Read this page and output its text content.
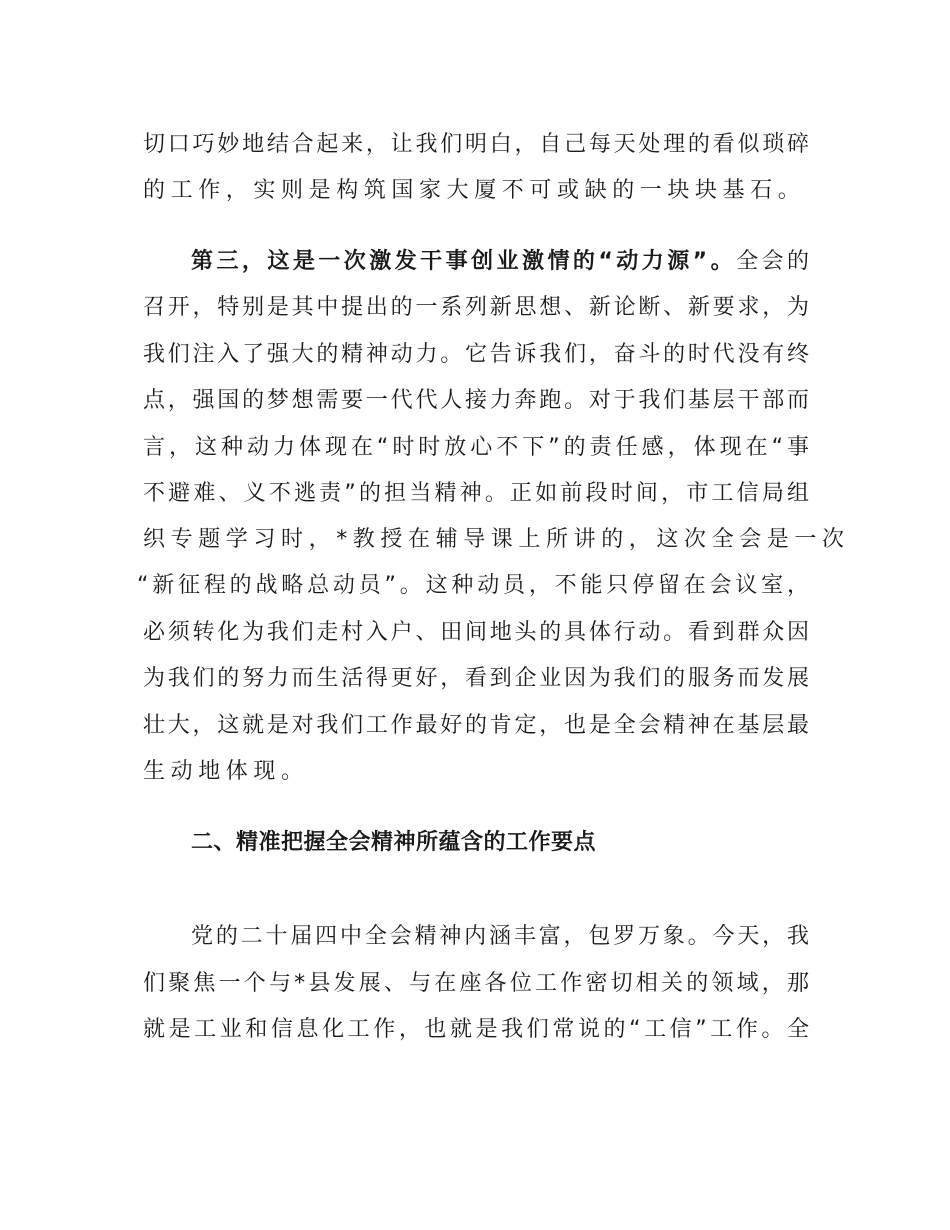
切口巧妙地结合起来，让我们明白，自己每天处理的看似琐碎
的工作，实则是构筑国家大厦不可或缺的一块块基石。
第三，这是一次激发干事创业激情的“动力源”。全会的
召开，特别是其中提出的一系列新思想、新论断、新要求，为
我们注入了强大的精神动力。它告诉我们，奋斗的时代没有终
点，强国的梦想需要一代代人接力奔跑。对于我们基层干部而
言，这种动力体现在“时时放心不下”的责任感，体现在“事
不避难、义不逃责”的担当精神。正如前段时间，市工信局组
织专题学习时，*教授在辅导课上所讲的，这次全会是一次
“新征程的战略总动员”。这种动员，不能只停留在会议室，
必须转化为我们走村入户、田间地头的具体行动。看到群众因
为我们的努力而生活得更好，看到企业因为我们的服务而发展
壮大，这就是对我们工作最好的肯定，也是全会精神在基层最
生动地体现。
二、精准把握全会精神所蕴含的工作要点
党的二十届四中全会精神内涵丰富，包罗万象。今天，我
们聚焦一个与*县发展、与在座各位工作密切相关的领域，那
就是工业和信息化工作，也就是我们常说的“工信”工作。全
